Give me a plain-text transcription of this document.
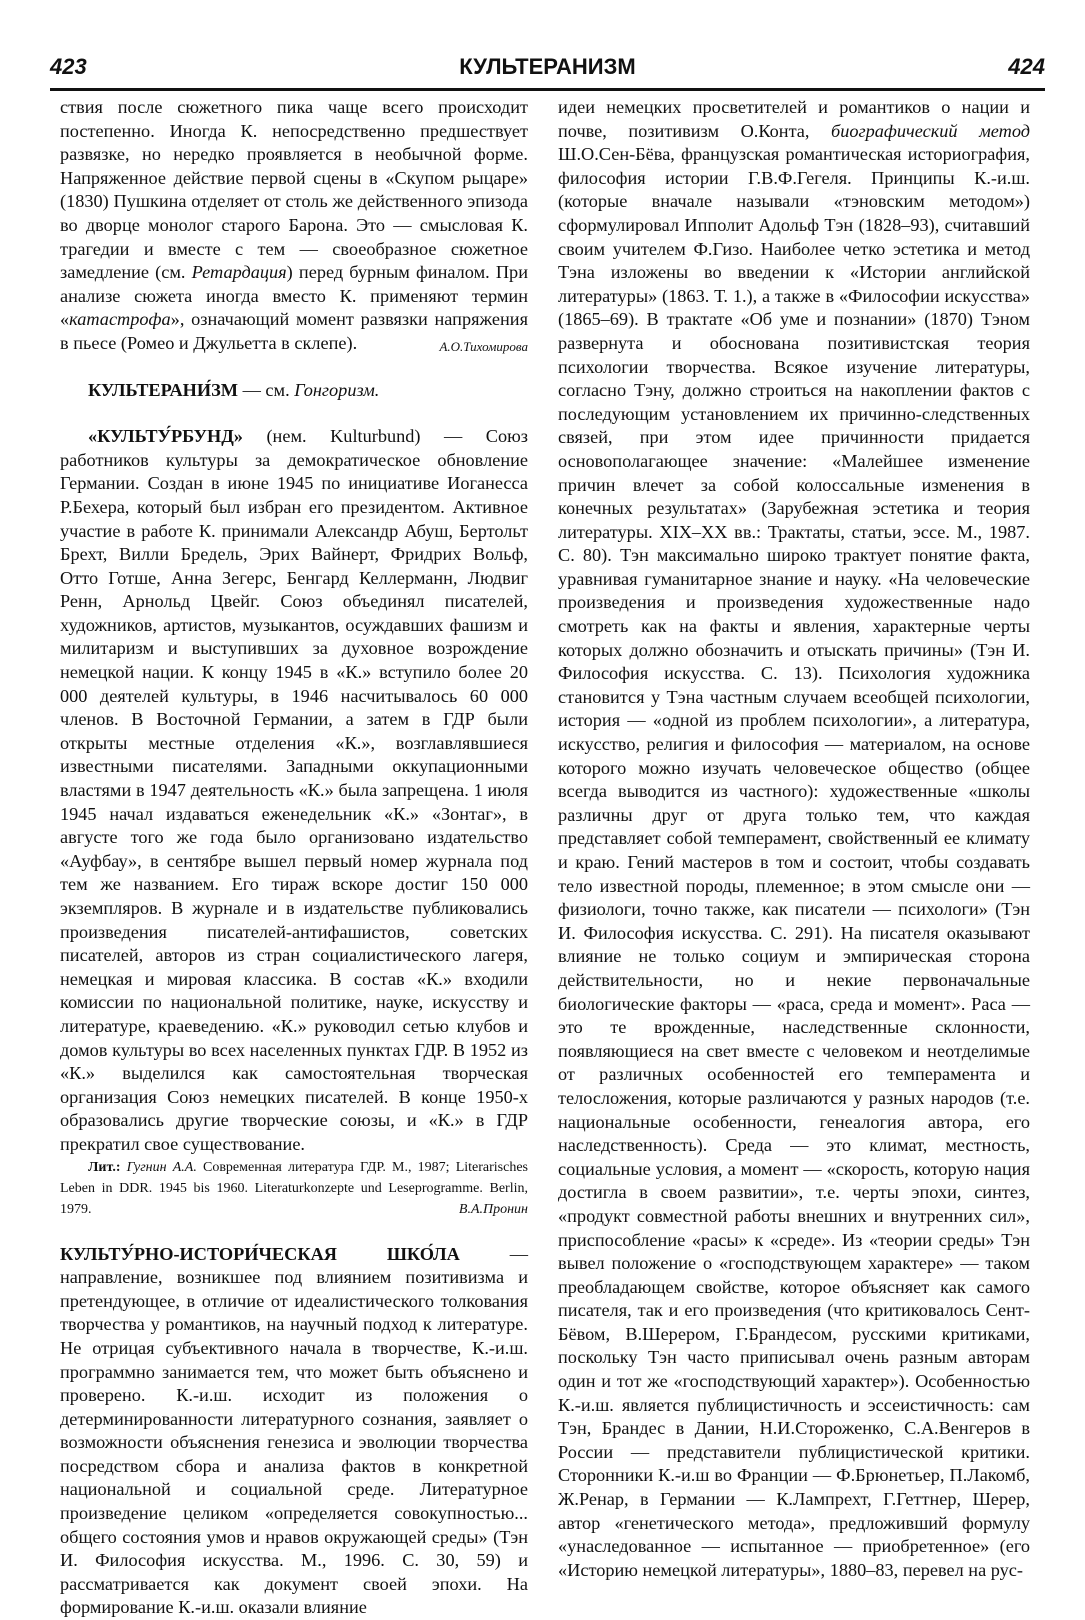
423	КУЛЬТЕРАНИЗМ	424

ствия после сюжетного пика чаще всего происходит постепенно. Иногда К. непосредственно предшествует развязке, но нередко проявляется в необычной форме. Напряженное действие первой сцены в «Скупом рыцаре» (1830) Пушкина отделяет от столь же действенного эпизода во дворце монолог старого Барона. Это — смысловая К. трагедии и вместе с тем — своеобразное сюжетное замедление (см. Ретардация) перед бурным финалом. При анализе сюжета иногда вместо К. применяют термин «катастрофа», означающий момент развязки напряжения в пьесе (Ромео и Джульетта в склепе).	А.О.Тихомирова

КУЛЬТЕРАНИ́ЗМ — см. Гонгоризм.

«КУЛЬТУ́РБУНД» (нем. Kulturbund) — Союз работников культуры за демократическое обновление Германии. Создан в июне 1945 по инициативе Иоганесса Р.Бехера, который был избран его президентом. Активное участие в работе К. принимали Александр Абуш, Бертольт Брехт, Вилли Бредель, Эрих Вайнерт, Фридрих Вольф, Отто Готше, Анна Зегерс, Бенгард Келлерманн, Людвиг Ренн, Арнольд Цвейг. Союз объединял писателей, художников, артистов, музыкантов, осуждавших фашизм и милитаризм и выступивших за духовное возрождение немецкой нации. К концу 1945 в «К.» вступило более 20 000 деятелей культуры, в 1946 насчитывалось 60 000 членов. В Восточной Германии, а затем в ГДР были открыты местные отделения «К.», возглавлявшиеся известными писателями. Западными оккупационными властями в 1947 деятельность «К.» была запрещена. 1 июля 1945 начал издаваться еженедельник «К.» «Зонтаг», в августе того же года было организовано издательство «Ауфбау», в сентябре вышел первый номер журнала под тем же названием. Его тираж вскоре достиг 150 000 экземпляров. В журнале и в издательстве публиковались произведения писателей-антифашистов, советских писателей, авторов из стран социалистического лагеря, немецкая и мировая классика. В состав «К.» входили комиссии по национальной политике, науке, искусству и литературе, краеведению. «К.» руководил сетью клубов и домов культуры во всех населенных пунктах ГДР. В 1952 из «К.» выделился как самостоятельная творческая организация Союз немецких писателей. В конце 1950-х образовались другие творческие союзы, и «К.» в ГДР прекратил свое существование.

Лит.: Гугнин А.А. Современная литература ГДР. М., 1987; Literarisches Leben in DDR. 1945 bis 1960. Literaturkonzepte und Leseprogramme. Berlin, 1979.	В.А.Пронин

КУЛЬТУ́РНО-ИСТОРИ́ЧЕСКАЯ ШКО́ЛА — направление, возникшее под влиянием позитивизма и претендующее, в отличие от идеалистического толкования творчества у романтиков, на научный подход к литературе. Не отрицая субъективного начала в творчестве, К.-и.ш. программно занимается тем, что может быть объяснено и проверено. К.-и.ш. исходит из положения о детерминированности литературного сознания, заявляет о возможности объяснения генезиса и эволюции творчества посредством сбора и анализа фактов в конкретной национальной и социальной среде. Литературное произведение целиком «определяется совокупностью... общего состояния умов и нравов окружающей среды» (Тэн И. Философия искусства. М., 1996. С. 30, 59) и рассматривается как документ своей эпохи. На формирование К.-и.ш. оказали влияние

идеи немецких просветителей и романтиков о нации и почве, позитивизм О.Конта, биографический метод Ш.О.Сен-Бёва, французская романтическая историография, философия истории Г.В.Ф.Гегеля. Принципы К.-и.ш. (которые вначале называли «тэновским методом») сформулировал Ипполит Адольф Тэн (1828–93), считавший своим учителем Ф.Гизо. Наиболее четко эстетика и метод Тэна изложены во введении к «Истории английской литературы» (1863. Т. 1.), а также в «Философии искусства» (1865–69). В трактате «Об уме и познании» (1870) Тэном развернута и обоснована позитивистская теория психологии творчества. Всякое изучение литературы, согласно Тэну, должно строиться на накоплении фактов с последующим установлением их причинно-следственных связей, при этом идее причинности придается основополагающее значение: «Малейшее изменение причин влечет за собой колоссальные изменения в конечных результатах» (Зарубежная эстетика и теория литературы. XIX–XX вв.: Трактаты, статьи, эссе. М., 1987. С. 80). Тэн максимально широко трактует понятие факта, уравнивая гуманитарное знание и науку. «На человеческие произведения и произведения художественные надо смотреть как на факты и явления, характерные черты которых должно обозначить и отыскать причины» (Тэн И. Философия искусства. С. 13). Психология художника становится у Тэна частным случаем всеобщей психологии, история — «одной из проблем психологии», а литература, искусство, религия и философия — материалом, на основе которого можно изучать человеческое общество (общее всегда выводится из частного): художественные «школы различны друг от друга только тем, что каждая представляет собой темперамент, свойственный ее климату и краю. Гений мастеров в том и состоит, чтобы создавать тело известной породы, племенное; в этом смысле они — физиологи, точно также, как писатели — психологи» (Тэн И. Философия искусства. С. 291). На писателя оказывают влияние не только социум и эмпирическая сторона действительности, но и некие первоначальные биологические факторы — «раса, среда и момент». Раса — это те врожденные, наследственные склонности, появляющиеся на свет вместе с человеком и неотделимые от различных особенностей его темперамента и телосложения, которые различаются у разных народов (т.е. национальные особенности, генеалогия автора, его наследственность). Среда — это климат, местность, социальные условия, а момент — «скорость, которую нация достигла в своем развитии», т.е. черты эпохи, синтез, «продукт совместной работы внешних и внутренних сил», приспособление «расы» к «среде». Из «теории среды» Тэн вывел положение о «господствующем характере» — таком преобладающем свойстве, которое объясняет как самого писателя, так и его произведения (что критиковалось Сент-Бёвом, В.Шерером, Г.Брандесом, русскими критиками, поскольку Тэн часто приписывал очень разным авторам один и тот же «господствующий характер»). Особенностью К.-и.ш. является публицистичность и эссеистичность: сам Тэн, Брандес в Дании, Н.И.Стороженко, С.А.Венгеров в России — представители публицистической критики. Сторонники К.-и.ш во Франции — Ф.Брюнетьер, П.Лакомб, Ж.Ренар, в Германии — К.Лампрехт, Г.Геттнер, Шерер, автор «генетического метода», предложивший формулу «унаследованное — испытанное — приобретенное» (его «Историю немецкой литературы», 1880–83, перевел на рус-
